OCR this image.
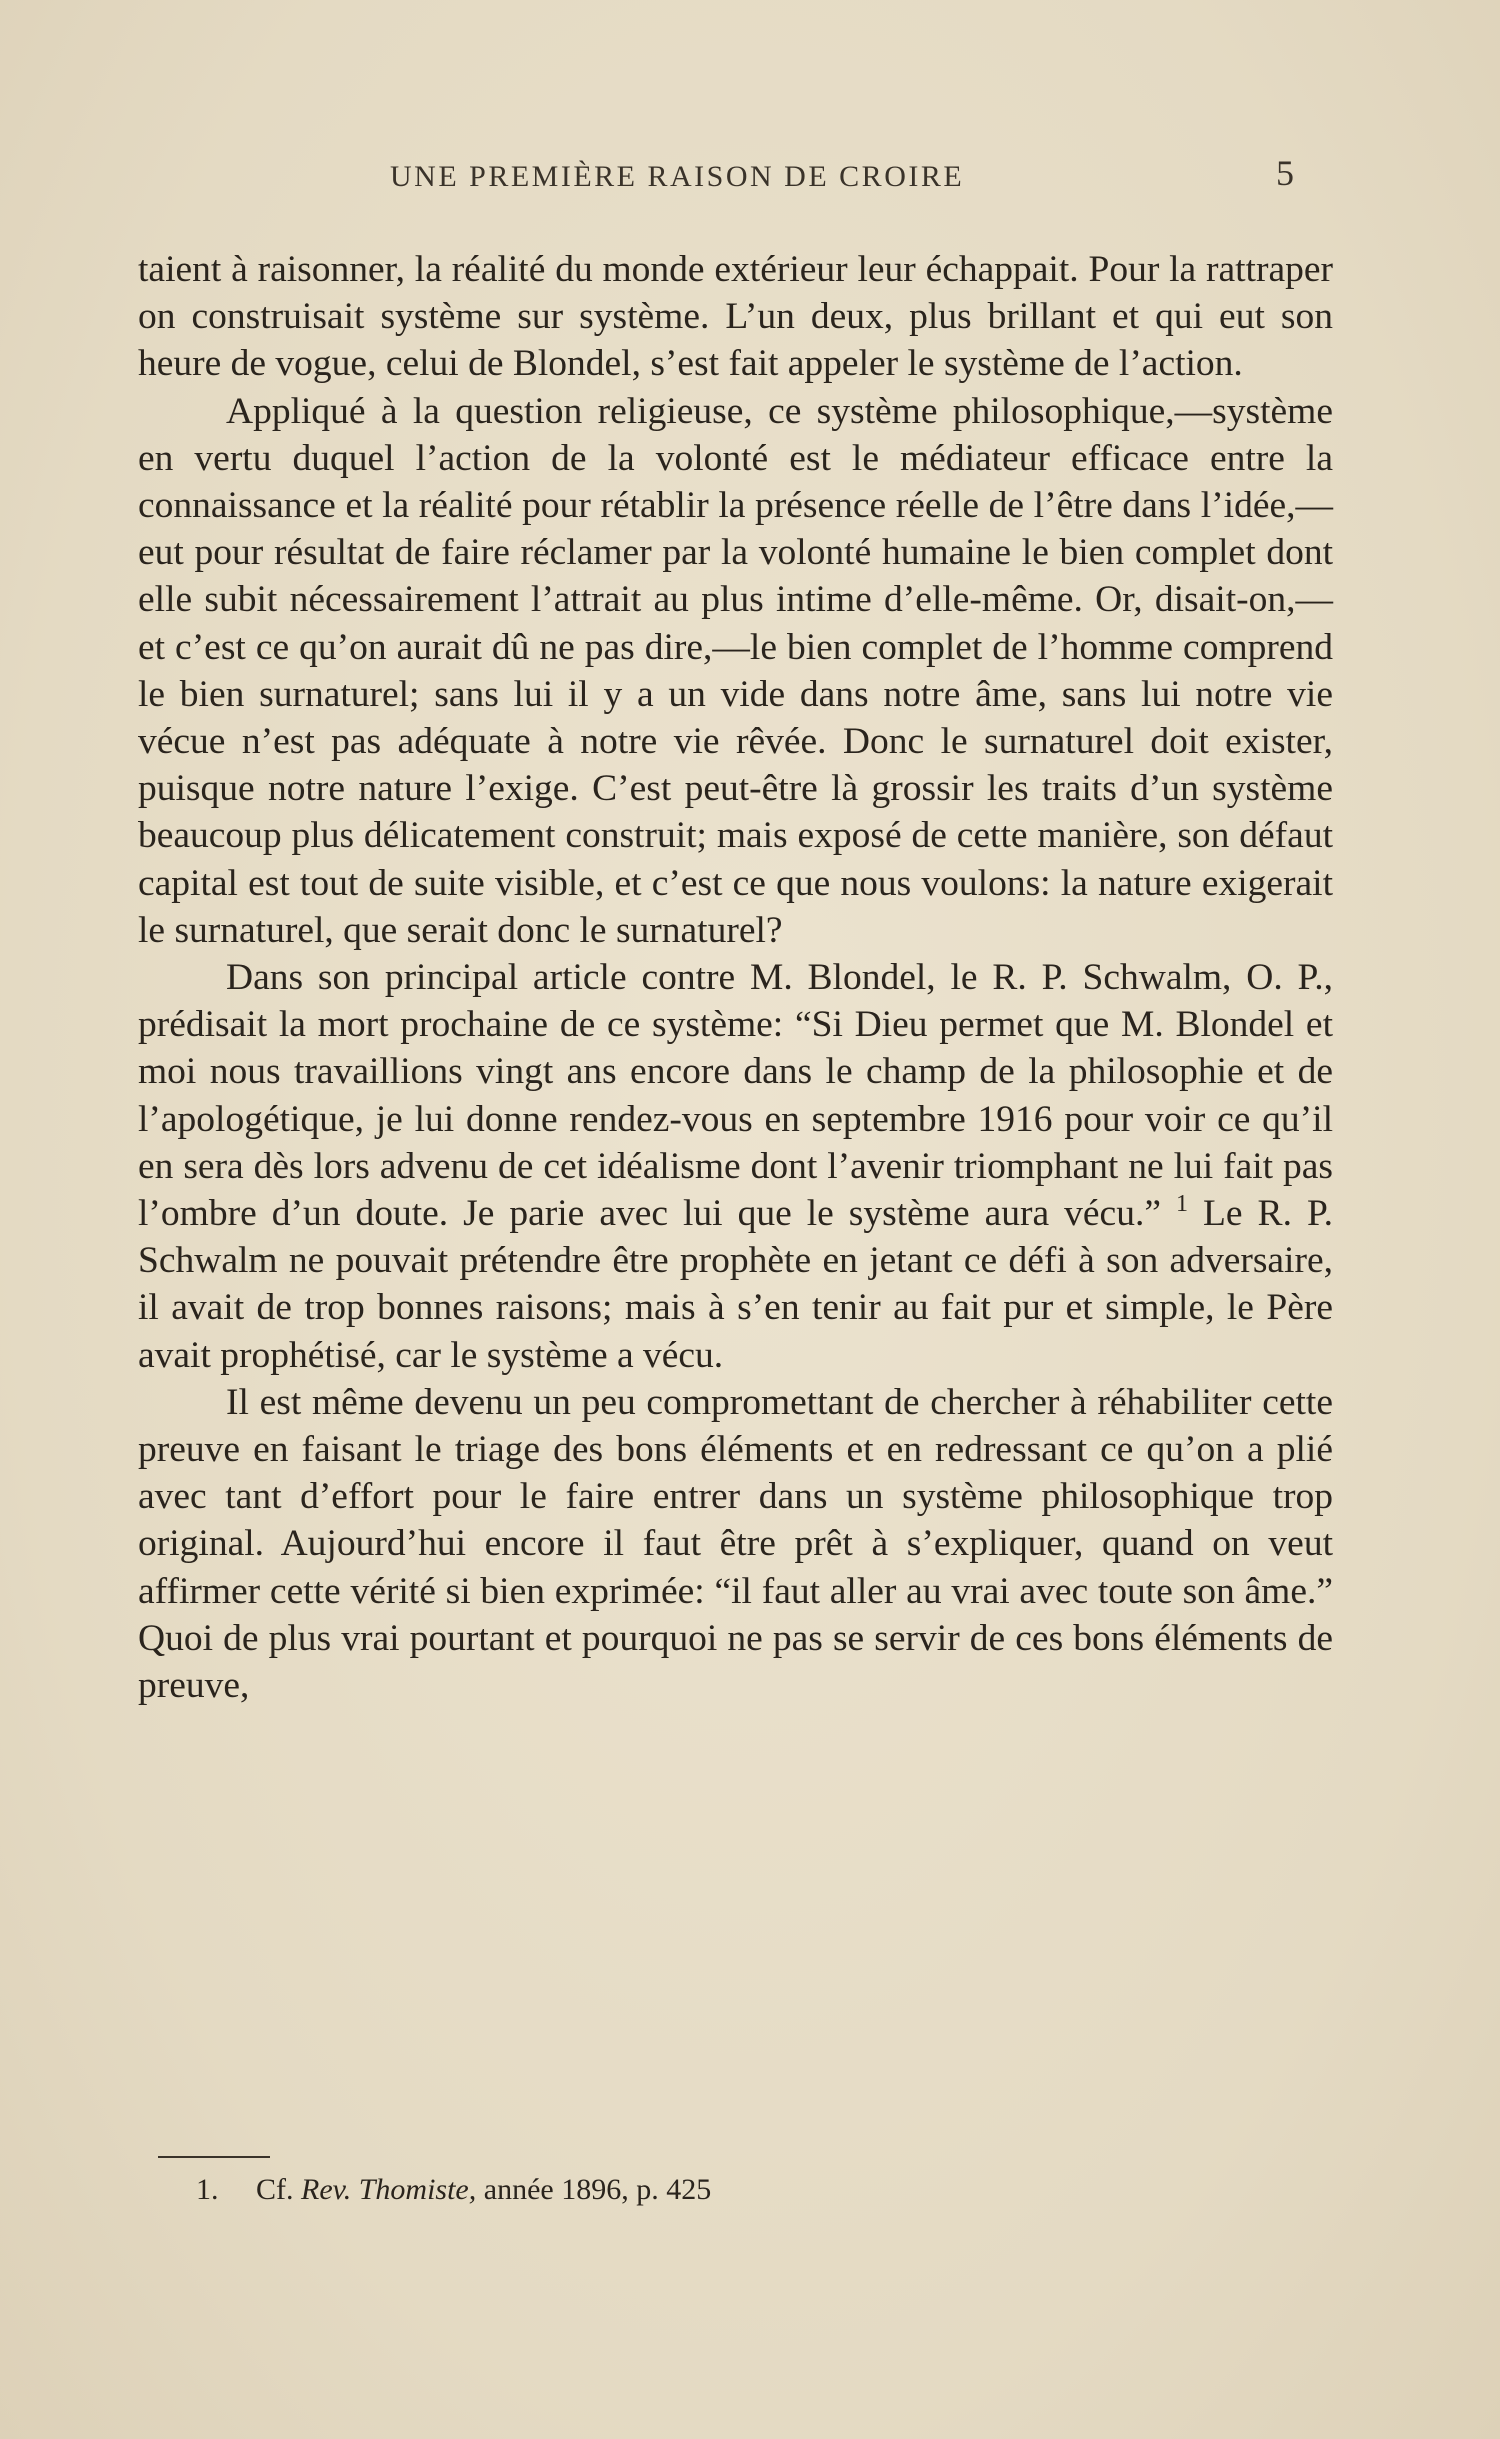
UNE PREMIÈRE RAISON DE CROIRE	5

taient à raisonner, la réalité du monde extérieur leur échappait. Pour la rattraper on construisait système sur système. L’un deux, plus brillant et qui eut son heure de vogue, celui de Blondel, s’est fait appeler le système de l’action.

Appliqué à la question religieuse, ce système philosophique,—système en vertu duquel l’action de la volonté est le médiateur efficace entre la connaissance et la réalité pour rétablir la présence réelle de l’être dans l’idée,—eut pour résultat de faire réclamer par la volonté humaine le bien complet dont elle subit nécessairement l’attrait au plus intime d’elle-même. Or, disait-on,—et c’est ce qu’on aurait dû ne pas dire,—le bien complet de l’homme comprend le bien surnaturel; sans lui il y a un vide dans notre âme, sans lui notre vie vécue n’est pas adéquate à notre vie rêvée. Donc le surnaturel doit exister, puisque notre nature l’exige. C’est peut-être là grossir les traits d’un système beaucoup plus délicatement construit; mais exposé de cette manière, son défaut capital est tout de suite visible, et c’est ce que nous voulons: la nature exigerait le surnaturel, que serait donc le surnaturel?

Dans son principal article contre M. Blondel, le R. P. Schwalm, O. P., prédisait la mort prochaine de ce système: “Si Dieu permet que M. Blondel et moi nous travaillions vingt ans encore dans le champ de la philosophie et de l’apologétique, je lui donne rendez-vous en septembre 1916 pour voir ce qu’il en sera dès lors advenu de cet idéalisme dont l’avenir triomphant ne lui fait pas l’ombre d’un doute. Je parie avec lui que le système aura vécu.” $^1$ Le R. P. Schwalm ne pouvait prétendre être prophète en jetant ce défi à son adversaire, il avait de trop bonnes raisons; mais à s’en tenir au fait pur et simple, le Père avait prophétisé, car le système a vécu.

Il est même devenu un peu compromettant de chercher à réhabiliter cette preuve en faisant le triage des bons éléments et en redressant ce qu’on a plié avec tant d’effort pour le faire entrer dans un système philosophique trop original. Aujourd’hui encore il faut être prêt à s’expliquer, quand on veut affirmer cette vérité si bien exprimée: “il faut aller au vrai avec toute son âme.” Quoi de plus vrai pourtant et pourquoi ne pas se servir de ces bons éléments de preuve,

1. Cf. Rev. Thomiste, année 1896, p. 425
